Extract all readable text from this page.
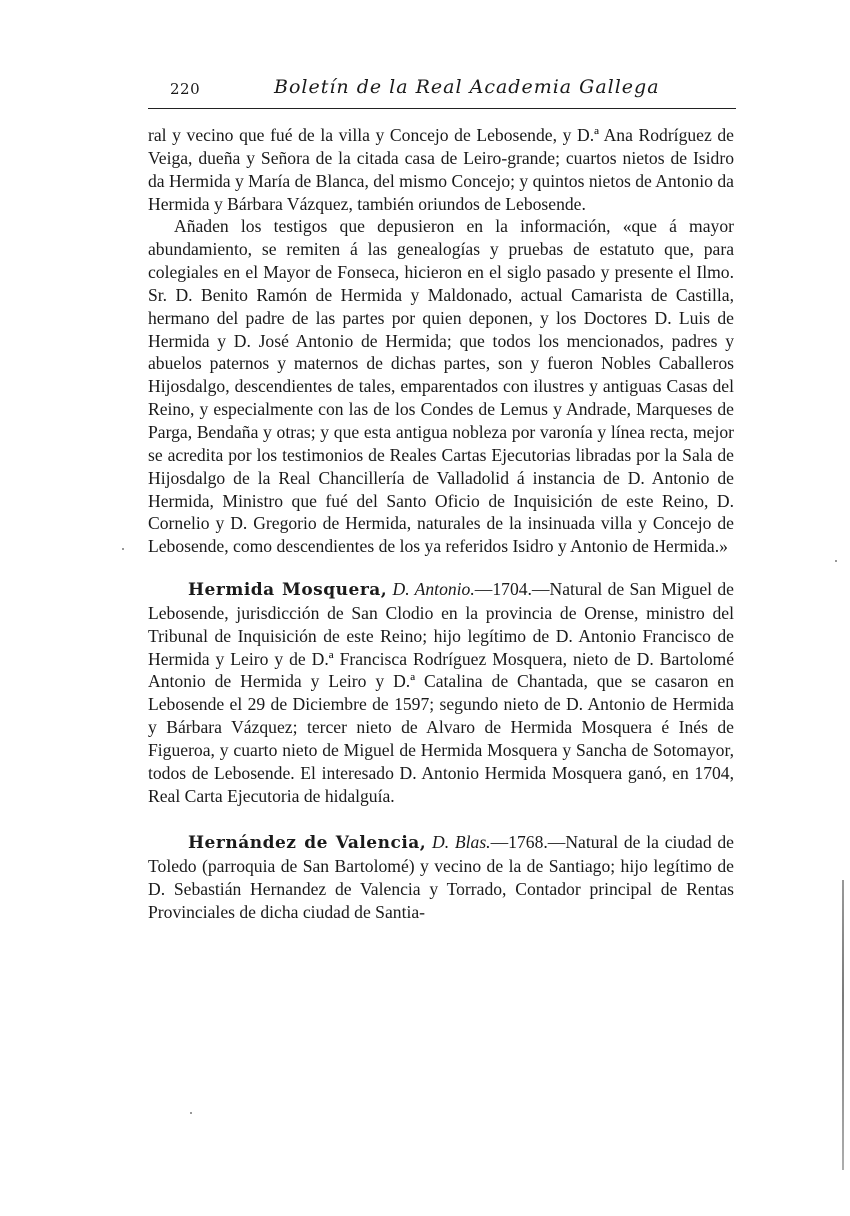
220	Boletín de la Real Academia Gallega

ral y vecino que fué de la villa y Concejo de Lebosende, y D.ª Ana Rodríguez de Veiga, dueña y Señora de la citada casa de Leiro-grande; cuartos nietos de Isidro da Hermida y María de Blanca, del mismo Concejo; y quintos nietos de Antonio da Hermida y Bárbara Vázquez, también oriundos de Lebosende.

Añaden los testigos que depusieron en la información, «que á mayor abundamiento, se remiten á las genealogías y pruebas de estatuto que, para colegiales en el Mayor de Fonseca, hicieron en el siglo pasado y presente el Ilmo. Sr. D. Benito Ramón de Hermida y Maldonado, actual Camarista de Castilla, hermano del padre de las partes por quien deponen, y los Doctores D. Luis de Hermida y D. José Antonio de Hermida; que todos los mencionados, padres y abuelos paternos y maternos de dichas partes, son y fueron Nobles Caballeros Hijosdalgo, descendientes de tales, emparentados con ilustres y antiguas Casas del Reino, y especialmente con las de los Condes de Lemus y Andrade, Marqueses de Parga, Bendaña y otras; y que esta antigua nobleza por varonía y línea recta, mejor se acredita por los testimonios de Reales Cartas Ejecutorias libradas por la Sala de Hijosdalgo de la Real Chancillería de Valladolid á instancia de D. Antonio de Hermida, Ministro que fué del Santo Oficio de Inquisición de este Reino, D. Cornelio y D. Gregorio de Hermida, naturales de la insinuada villa y Concejo de Lebosende, como descendientes de los ya referidos Isidro y Antonio de Hermida.»

Hermida Mosquera, D. Antonio.—1704.—Natural de San Miguel de Lebosende, jurisdicción de San Clodio en la provincia de Orense, ministro del Tribunal de Inquisición de este Reino; hijo legítimo de D. Antonio Francisco de Hermida y Leiro y de D.ª Francisca Rodríguez Mosquera, nieto de D. Bartolomé Antonio de Hermida y Leiro y D.ª Catalina de Chantada, que se casaron en Lebosende el 29 de Diciembre de 1597; segundo nieto de D. Antonio de Hermida y Bárbara Vázquez; tercer nieto de Alvaro de Hermida Mosquera é Inés de Figueroa, y cuarto nieto de Miguel de Hermida Mosquera y Sancha de Sotomayor, todos de Lebosende. El interesado D. Antonio Hermida Mosquera ganó, en 1704, Real Carta Ejecutoria de hidalguía.

Hernández de Valencia, D. Blas.—1768.—Natural de la ciudad de Toledo (parroquia de San Bartolomé) y vecino de la de Santiago; hijo legítimo de D. Sebastián Hernandez de Valencia y Torrado, Contador principal de Rentas Provinciales de dicha ciudad de Santia-
